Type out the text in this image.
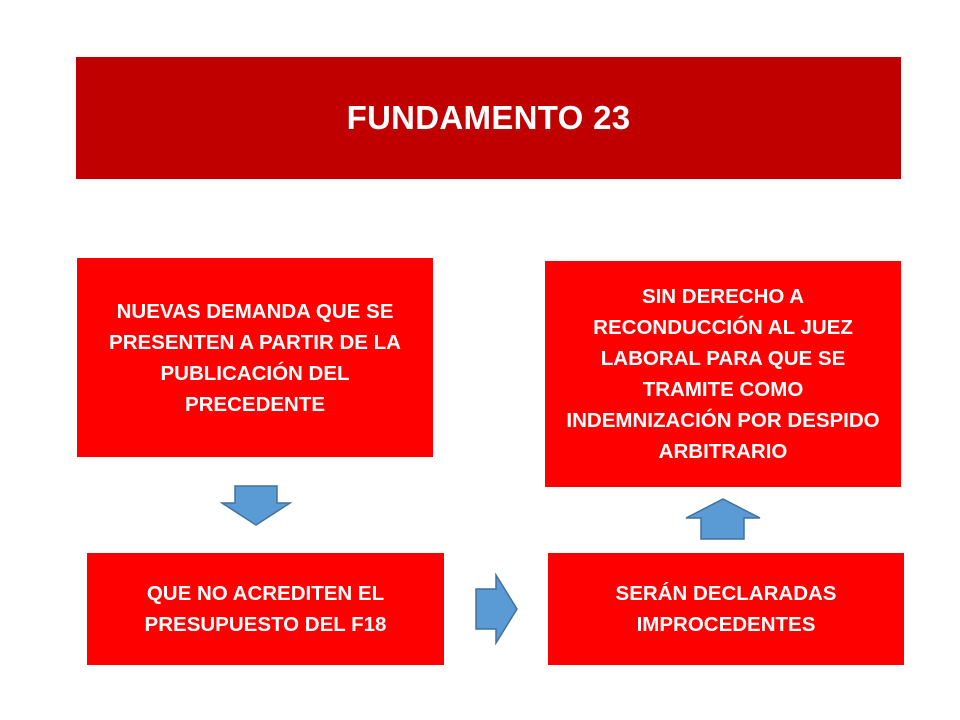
FUNDAMENTO 23
NUEVAS DEMANDA QUE SE PRESENTEN A PARTIR DE LA PUBLICACIÓN DEL PRECEDENTE
SIN DERECHO A RECONDUCCIÓN AL JUEZ LABORAL PARA QUE SE TRAMITE COMO INDEMNIZACIÓN POR DESPIDO ARBITRARIO
QUE NO ACREDITEN EL PRESUPUESTO DEL F18
SERÁN DECLARADAS IMPROCEDENTES
